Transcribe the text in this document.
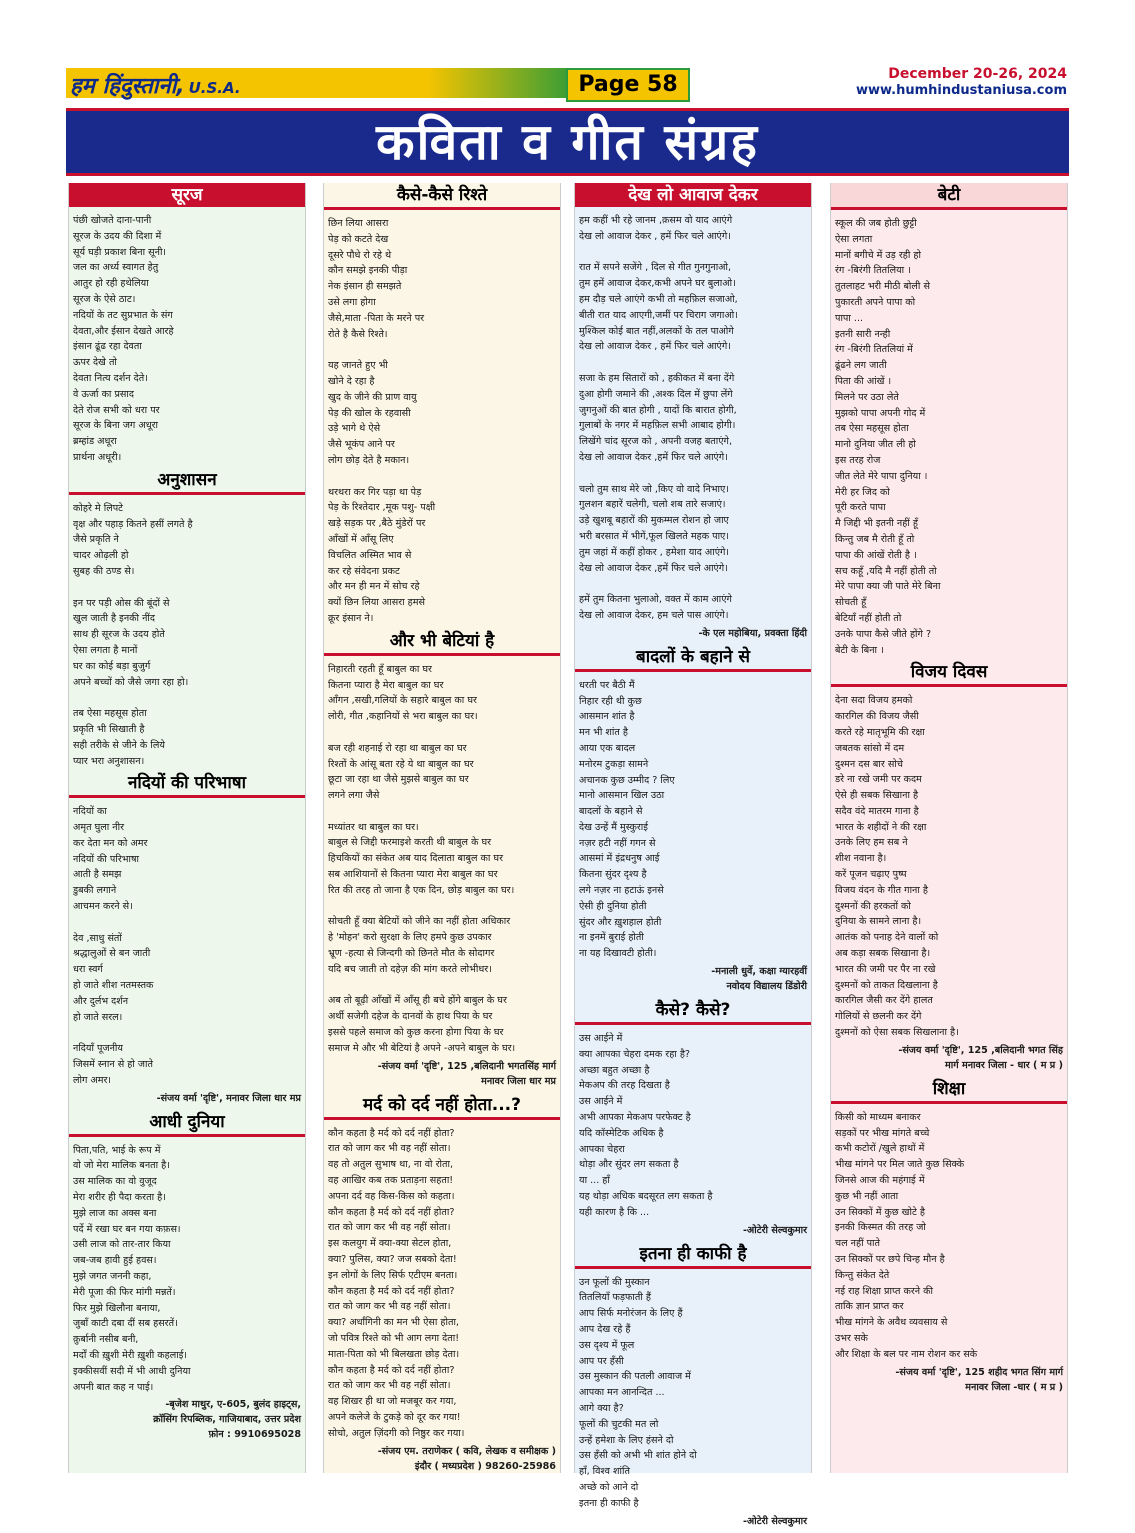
हम हिंदुस्तानी, U.S.A.	Page 58	December 20-26, 2024
www.humhindustaniusa.com
कविता व गीत संग्रह
सूरज
पंछी खोजते दाना-पानी
सूरज के उदय की दिशा में
सूर्य घड़ी प्रकाश बिना सूनी।
जल का अर्ध्य स्वागत हेतु
आतुर हो रही हथेलिया
सूरज के ऐसे ठाट।
नदियों के तट सुप्रभात के संग
देवता,और ईसान देखते आरहे
इंसान ढूंढ रहा देवता
ऊपर देखे तो
देवता नित्य दर्शन देते।
वे ऊर्जा का प्रसाद
देते रोज सभी को धरा पर
सूरज के बिना जग अधूरा
ब्रम्हांड अधूरा
प्रार्थना अधूरी।
अनुशासन
कोहरे मे लिपटे
वृक्ष और पहाड़ कितने हसीं लगते है
जैसे प्रकृति ने
चादर ओढ़ली हो
सुबह की ठण्ड से।

इन पर पड़ी ओस की बूंदों से
खुल जाती है इनकी नींद
साथ ही सूरज के उदय होते
ऐसा लगता है मानों
घर का कोई बड़ा बुजुर्ग
अपने बच्चों को जैसे जगा रहा हो।

तब ऐसा महसूस होता
प्रकृति भी सिखाती है
सही तरीके से जीने के लिये
प्यार भरा अनुशासन।
नदियों की परिभाषा
नदियों का
अमृत घुला नीर
कर देता मन को अमर
नदियों की परिभाषा
आती है समझ
डुबकी लगाने
आचमन करने से।

देव ,साधु संतों
श्रद्धालुओं से बन जाती
धरा स्वर्ग
हो जाते शीश नतमस्तक
और दुर्लभ दर्शन
हो जाते सरल।

नदियाँ पूजनीय
जिसमें स्नान से हो जाते
लोग अमर।
-संजय वर्मा 'दृष्टि', मनावर जिला धार मप्र
आधी दुनिया
पिता,पति, भाई के रूप में
वो जो मेरा मालिक बनता है।
उस मालिक का वो वुजूद
मेरा शरीर ही पैदा करता है।
मुझे लाज का अक्स बना
पर्दे में रखा घर बन गया कफ़स।
उसी लाज को तार-तार किया
जब-जब हावी हुई हवस।
मुझे जगत जननी कहा,
मेरी पूजा की फिर मांगी मन्नतें।
फिर मुझे खिलौना बनाया,
जुबाँ काटी दबा दीं सब हसरतें।
क़ुर्बानी नसीब बनी,
मर्दों की ख़ुशी मेरी ख़ुशी कहलाई।
इक्कीसवीं सदी में भी आधी दुनिया
अपनी बात कह न पाई।
-बृजेश माथुर, ए-605, बुलंद हाइट्स,
क्रॉसिंग रिपब्लिक, गाजियाबाद, उत्तर प्रदेश
फ़ोन : 9910695028
कैसे-कैसे रिश्ते
छिन लिया आसरा
पेड़ को कटते देख
दूसरे पौधे रो रहे थे
कौन समझे इनकी पीड़ा
नेक इंसान ही समझते
उसे लगा होगा
जैसे,माता -पिता के मरने पर
रोते है कैसे रिश्ते।

यह जानते हुए भी
खोने दे रहा है
खुद के जीने की प्राण वायु
पेड़ की खोल के रहवासी
उड़े भागे थे ऐसे
जैसे भूकंप आने पर
लोग छोड़ देते है मकान।

थरथरा कर गिर पड़ा था पेड़
पेड़ के रिश्तेदार ,मूक पशु- पक्षी
खड़े सड़क पर ,बैठे मुंडेरों पर
आँखों में आँसू लिए
विचलित अस्मित भाव से
कर रहे संवेदना प्रकट
और मन ही मन में सोच रहे
क्यों छिन लिया आसरा हमसे
क्रूर इंसान ने।
और भी बेटियां है
निहारती रहती हूँ बाबुल का घर
कितना प्यारा है मेरा बाबुल का घर
आँगन ,सखी,गलियों के सहारे बाबुल का घर
लोरी, गीत ,कहानियों से भरा बाबुल का घर।

बज रही शहनाई रो रहा था बाबुल का घर
रिश्तों के आंसू बता रहे ये था बाबुल का घर
छूटा जा रहा था जैसे मुझसे बाबुल का घर
लगने लगा जैसे

मध्यांतर था बाबुल का घर।
बाबुल से जिद्दी फरमाइशे करती थी बाबुल के घर
हिचकियों का संकेत अब याद दिलाता बाबुल का घर
सब आशियानों से कितना प्यारा मेरा बाबुल का घर
रित की तरह तो जाना है एक दिन, छोड़ बाबुल का घर।

सोचती हूँ क्या बेटियों को जीने का नहीं होता अधिकार
हे 'मोहन' करो सुरक्षा के लिए हमपे कुछ उपकार
भ्रूण -हत्या से जिन्दगी को छिनते मौत के सोदागर
यदि बच जाती तो दहेज़ की मांग करते लोभीधर।

अब तो बूढ़ी आँखों में आँसू ही बचे होंगे बाबुल के घर
अर्थी सजेगी दहेज के दानवों के हाथ पिया के घर
इससे पहले समाज को कुछ करना होगा पिया के घर
समाज मे और भी बेटियां है अपने -अपने बाबुल के घर।
-संजय वर्मा 'दृष्टि', 125 ,बलिदानी भगतसिंह मार्ग
मनावर जिला धार मप्र
मर्द को दर्द नहीं होता...?
कौन कहता है मर्द को दर्द नहीं होता?
रात को जाग कर भी वह नहीं सोता।
वह तो अतुल सुभाष था, ना वो रोता,
वह आखिर कब तक प्रताड़ना सहता!
अपना दर्द वह किस-किस को कहता।
कौन कहता है मर्द को दर्द नहीं होता?
रात को जाग कर भी वह नहीं सोता।
इस कलयुग में क्या-क्या सेटल होता,
क्या? पुलिस, क्या? जज सबको देता!
इन लोगों के लिए सिर्फ एटीएम बनता।
कौन कहता है मर्द को दर्द नहीं होता?
रात को जाग कर भी वह नहीं सोता।
क्या? अर्धांगिनी का मन भी ऐसा होता,
जो पवित्र रिश्ते को भी आग लगा देता!
माता-पिता को भी बिलखता छोड़ देता।
कौन कहता है मर्द को दर्द नहीं होता?
रात को जाग कर भी वह नहीं सोता।
वह शिखर ही था जो मजबूर कर गया,
अपने कलेजे के टुकड़े को दूर कर गया!
सोचो, अतुल ज़िंदगी को निष्ठुर कर गया।
-संजय एम. तराणेकर ( कवि, लेखक व समीक्षक )
इंदौर ( मध्यप्रदेश ) 98260-25986
देख लो आवाज देकर
हम कहीं भी रहे जानम ,क़सम वो याद आएंगे
देख लो आवाज देकर , हमें फिर चले आएंगे।

रात में सपने सजेंगे , दिल से गीत गुनगुनाओ,
तुम हमें आवाज देकर,कभी अपने घर बुलाओ।
हम दौड़ चले आएंगे कभी तो महफ़िल सजाओ,
बीती रात याद आएगी,जमीं पर चिराग जगाओ।
मुश्किल कोई बात नहीं,अलकों के तल पाओगे
देख लो आवाज देकर , हमें फिर चले आएंगे।

सजा के हम सितारों को , हकीकत में बना देंगे
दुआ होगी जमाने की ,अश्क दिल में छुपा लेंगे
जुगनुओं की बात होगी , यादों कि बारात होगी,
गुलाबों के नगर में महफ़िल सभी आबाद होगी।
लिखेंगे चांद सूरज को , अपनी वजह बताएंगे,
देख लो आवाज देकर ,हमें फिर चले आएंगे।

चलो तुम साथ मेरे जो ,किए वो वादे निभाए।
गुलशन बहारें चलेगी, चलो शब तारे सजाएं।
उड़े खुशबू बहारों की मुकम्मल रोशन हो जाए
भरी बरसात में भीगें,फूल खिलते महक पाए।
तुम जहां में कहीं होकर , हमेशा याद आएंगे।
देख लो आवाज देकर ,हमें फिर चले आएंगे।

हमें तुम कितना भुलाओ, वक्त में काम आएंगे
देख लो आवाज देकर, हम चले पास आएंगे।
-के एल महोबिया, प्रवक्ता हिंदी
बादलों के बहाने से
धरती पर बैठी मैं
निहार रही थी कुछ
आसमान शांत है
मन भी शांत है
आया एक बादल
मनोरम टुकड़ा सामने
अचानक कुछ उम्मीद ? लिए
मानो आसमान खिल उठा
बादलों के बहाने से
देख उन्हें मैं मुस्कुराई
नज़र हटी नहीं गगन से
आसमां में इंद्रधनुष आई
कितना सुंदर दृश्य है
लगे नज़र ना हटाऊं इनसे
ऐसी ही दुनिया होती
सुंदर और ख़ुशहाल होती
ना इनमें बुराई होती
ना यह दिखावटी होती।
-मनाली धुर्वे, कक्षा ग्यारहवीं
नवोदय विद्यालय डिंडोरी
कैसे? कैसे?
उस आईने में
क्या आपका चेहरा दमक रहा है?
अच्छा बहुत अच्छा है
मेकअप की तरह दिखता है
उस आईने में
अभी आपका मेकअप परफेक्ट है
यदि कॉस्मेटिक अधिक है
आपका चेहरा
थोड़ा और सुंदर लग सकता है
या ... हाँ
यह थोड़ा अधिक बदसूरत लग सकता है
यही कारण है कि ...
-ओटेरी सेल्वकुमार
इतना ही काफी है
उन फूलों की मुस्कान
तितलियाँ फड़फाती हैं
आप सिर्फ मनोरंजन के लिए हैं
आप देख रहे हैं
उस दृश्य में फूल
आप पर हँसी
उस मुस्कान की पतली आवाज में
आपका मन आनन्दित ...
आगे क्या है?
फूलों की चुटकी मत लो
उन्हें हमेशा के लिए हंसने दो
उस हँसी को अभी भी शांत होने दो
हाँ, विश्व शांति
अच्छे को आने दो
इतना ही काफी है
-ओटेरी सेल्वकुमार
बेटी
स्कूल की जब होती छुट्टी
ऐसा लगता
मानों बगीचे में उड़ रही हो
रंग -बिरंगी तितलिया ।
तुतलाहट भरी मीठी बोली से
पुकारती अपने पापा को
पापा ...
इतनी सारी नन्ही
रंग -बिरंगी तितलियां में
ढूंढने लग जाती
पिता की आंखें ।
मिलने पर उठा लेते
मुझको पापा अपनी गोद में
तब ऐसा महसूस होता
मानो दुनिया जीत ली हो
इस तरह रोज
जीत लेते मेरे पापा दुनिया ।
मेरी हर जिद को
पूरी करते पापा
मै जिद्दी भी इतनी नहीं हूँ
किन्तु जब मै रोती हूँ तो
पापा की आंखें रोती है ।
सच कहूँ ,यदि मै नहीं होती तो
मेरे पापा क्या जी पाते मेरे बिना
सोचती हूँ
बेटियाँ नहीं होती तो
उनके पापा कैसे जीते होंगे ?
बेटी के बिना ।
विजय दिवस
देना सदा विजय हमको
कारगिल की विजय जैसी
करते रहे मातृभूमि की रक्षा
जबतक सांसो में दम
दुश्मन दस बार सोचे
डरे ना रखे जमी पर कदम
ऐसे ही सबक सिखाना है
सदैव वंदे मातरम गाना है
भारत के शहीदों ने की रक्षा
उनके लिए हम सब ने
शीश नवाना है।
करें पूजन चढ़ाए पुष्प
विजय वंदन के गीत गाना है
दुश्मनों की हरकतों को
दुनिया के सामने लाना है।
आतंक को पनाह देने वालों को
अब कड़ा सबक सिखाना है।
भारत की जमी पर पैर ना रखे
दुश्मनों को ताकत दिखलाना है
कारगिल जैसी कर देंगे हालत
गोलियों से छलनी कर देंगे
दुश्मनों को ऐसा सबक सिखलाना है।
-संजय वर्मा 'दृष्टि', 125 ,बलिदानी भगत सिंह
मार्ग मनावर जिला - धार ( म प्र )
शिक्षा
किसी को माध्यम बनाकर
सड़कों पर भीख मांगते बच्चे
कभी कटोरों /खुले हाथों में
भीख मांगने पर मिल जाते कुछ सिक्के
जिनसे आज की महंगाई में
कुछ भी नहीं आता
उन सिक्कों में कुछ खोटे है
इनकी किस्मत की तरह जो
चल नहीं पाते
उन सिक्कों पर छपे चिन्ह मौन है
किन्तु संकेत देते
नई राह शिक्षा प्राप्त करने की
ताकि ज्ञान प्राप्त कर
भीख मांगने के अवैध व्यवसाय से
उभर सके
और शिक्षा के बल पर नाम रोशन कर सके
-संजय वर्मा 'दृष्टि', 125 शहीद भगत सिंग मार्ग
मनावर जिला -धार ( म प्र )
